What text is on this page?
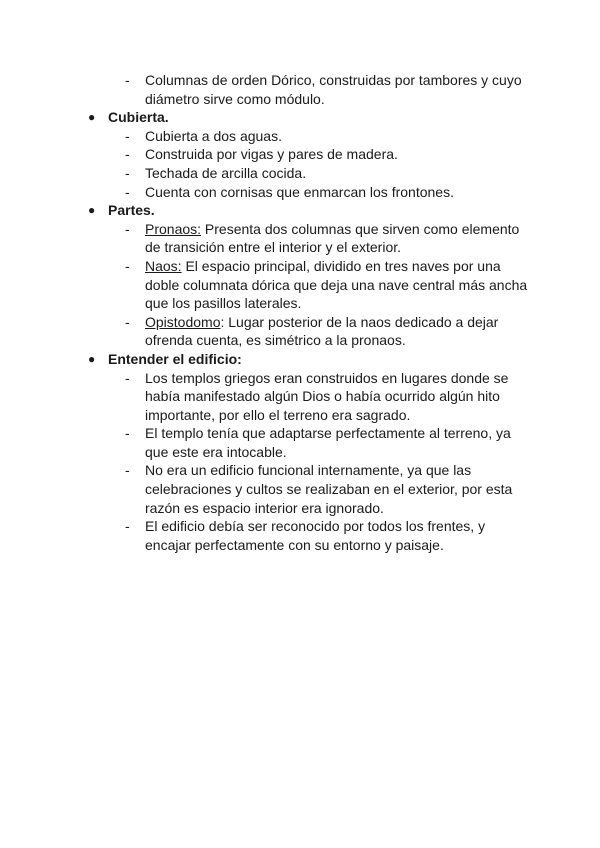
- Columnas de orden Dórico, construidas por tambores y cuyo diámetro sirve como módulo.
● Cubierta.
- Cubierta a dos aguas.
- Construida por vigas y pares de madera.
- Techada de arcilla cocida.
- Cuenta con cornisas que enmarcan los frontones.
● Partes.
- Pronaos: Presenta dos columnas que sirven como elemento de transición entre el interior y el exterior.
- Naos: El espacio principal, dividido en tres naves por una doble columnata dórica que deja una nave central más ancha que los pasillos laterales.
- Opistodomo: Lugar posterior de la naos dedicado a dejar ofrenda cuenta, es simétrico a la pronaos.
● Entender el edificio:
- Los templos griegos eran construidos en lugares donde se había manifestado algún Dios o había ocurrido algún hito importante, por ello el terreno era sagrado.
- El templo tenía que adaptarse perfectamente al terreno, ya que este era intocable.
- No era un edificio funcional internamente, ya que las celebraciones y cultos se realizaban en el exterior, por esta razón es espacio interior era ignorado.
- El edificio debía ser reconocido por todos los frentes, y encajar perfectamente con su entorno y paisaje.
